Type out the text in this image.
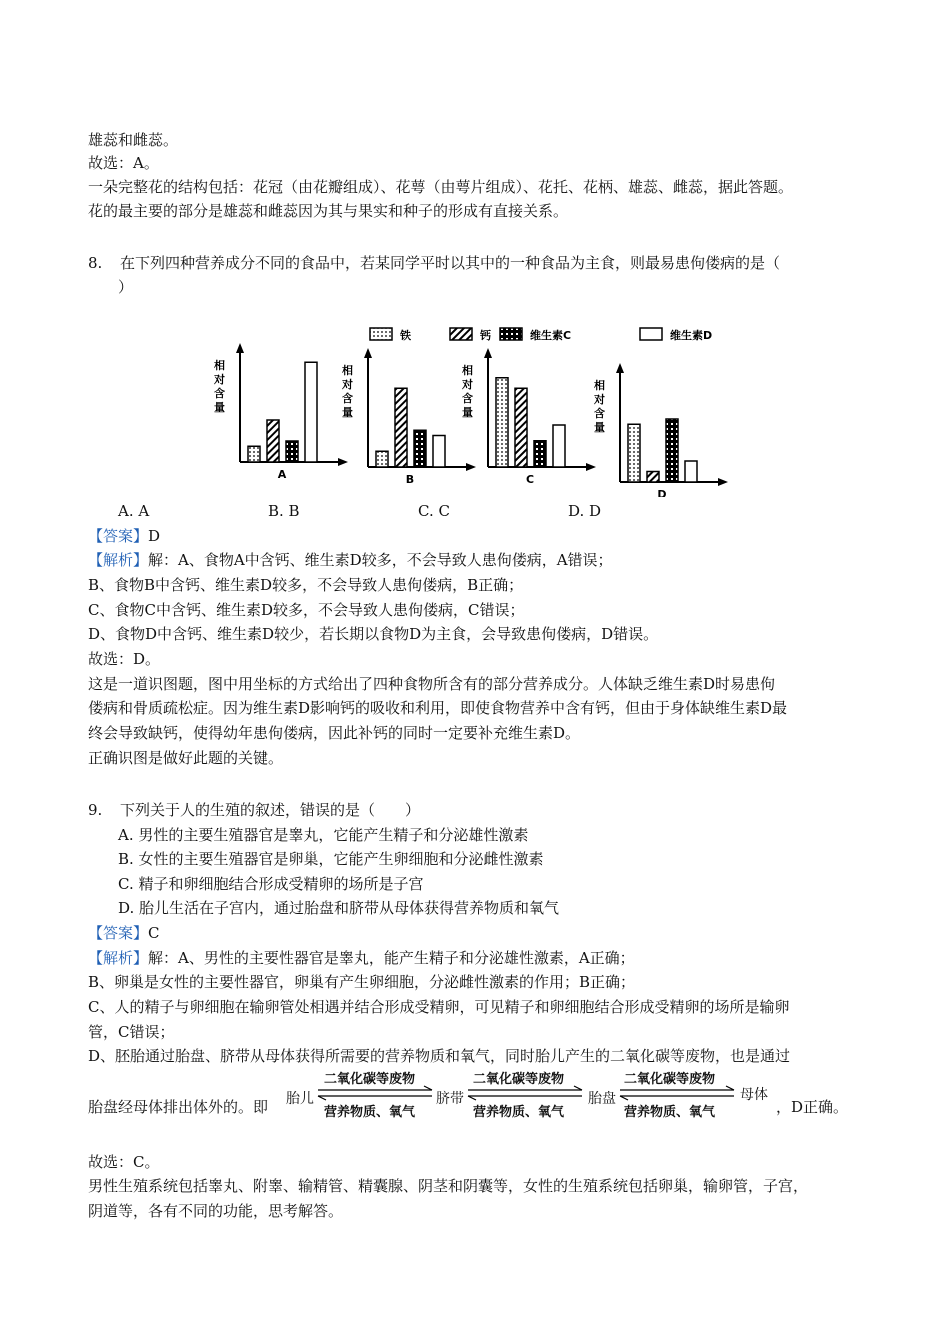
雄蕊和雌蕊。
故选：A。
一朵完整花的结构包括：花冠（由花瓣组成）、花萼（由萼片组成）、花托、花柄、雄蕊、雌蕊，据此答题。
花的最主要的部分是雄蕊和雌蕊因为其与果实和种子的形成有直接关系。
8. 在下列四种营养成分不同的食品中，若某同学平时以其中的一种食品为主食，则最易患佝偻病的是（
）
铁	钙	维生素C	维生素D
相
对
含
量
A
相
对
含
量
B
相
对
含
量
C
相
对
含
量
D
A. A	B. B	C. C	D. D
【答案】D
【解析】解：A、食物A中含钙、维生素D较多，不会导致人患佝偻病，A错误；
B、食物B中含钙、维生素D较多，不会导致人患佝偻病，B正确；
C、食物C中含钙、维生素D较多，不会导致人患佝偻病，C错误；
D、食物D中含钙、维生素D较少，若长期以食物D为主食，会导致患佝偻病，D错误。
故选：D。
这是一道识图题，图中用坐标的方式给出了四种食物所含有的部分营养成分。人体缺乏维生素D时易患佝
偻病和骨质疏松症。因为维生素D影响钙的吸收和利用，即使食物营养中含有钙，但由于身体缺维生素D最
终会导致缺钙，使得幼年患佝偻病，因此补钙的同时一定要补充维生素D。
正确识图是做好此题的关键。
9. 下列关于人的生殖的叙述，错误的是（　　）
A. 男性的主要生殖器官是睾丸，它能产生精子和分泌雄性激素
B. 女性的主要生殖器官是卵巢，它能产生卵细胞和分泌雌性激素
C. 精子和卵细胞结合形成受精卵的场所是子宫
D. 胎儿生活在子宫内，通过胎盘和脐带从母体获得营养物质和氧气
【答案】C
【解析】解：A、男性的主要性器官是睾丸，能产生精子和分泌雄性激素，A正确；
B、卵巢是女性的主要性器官，卵巢有产生卵细胞，分泌雌性激素的作用；B正确；
C、人的精子与卵细胞在输卵管处相遇并结合形成受精卵，可见精子和卵细胞结合形成受精卵的场所是输卵
管，C错误；
D、胚胎通过胎盘、脐带从母体获得所需要的营养物质和氧气，同时胎儿产生的二氧化碳等废物，也是通过
胎盘经母体排出体外的。即 胎儿
二氧化碳等废物
营养物质、氧气
脐带
二氧化碳等废物
营养物质、氧气
胎盘
二氧化碳等废物
营养物质、氧气
母体
，D正确。
故选：C。
男性生殖系统包括睾丸、附睾、输精管、精囊腺、阴茎和阴囊等，女性的生殖系统包括卵巢，输卵管，子宫，
阴道等，各有不同的功能，思考解答。
